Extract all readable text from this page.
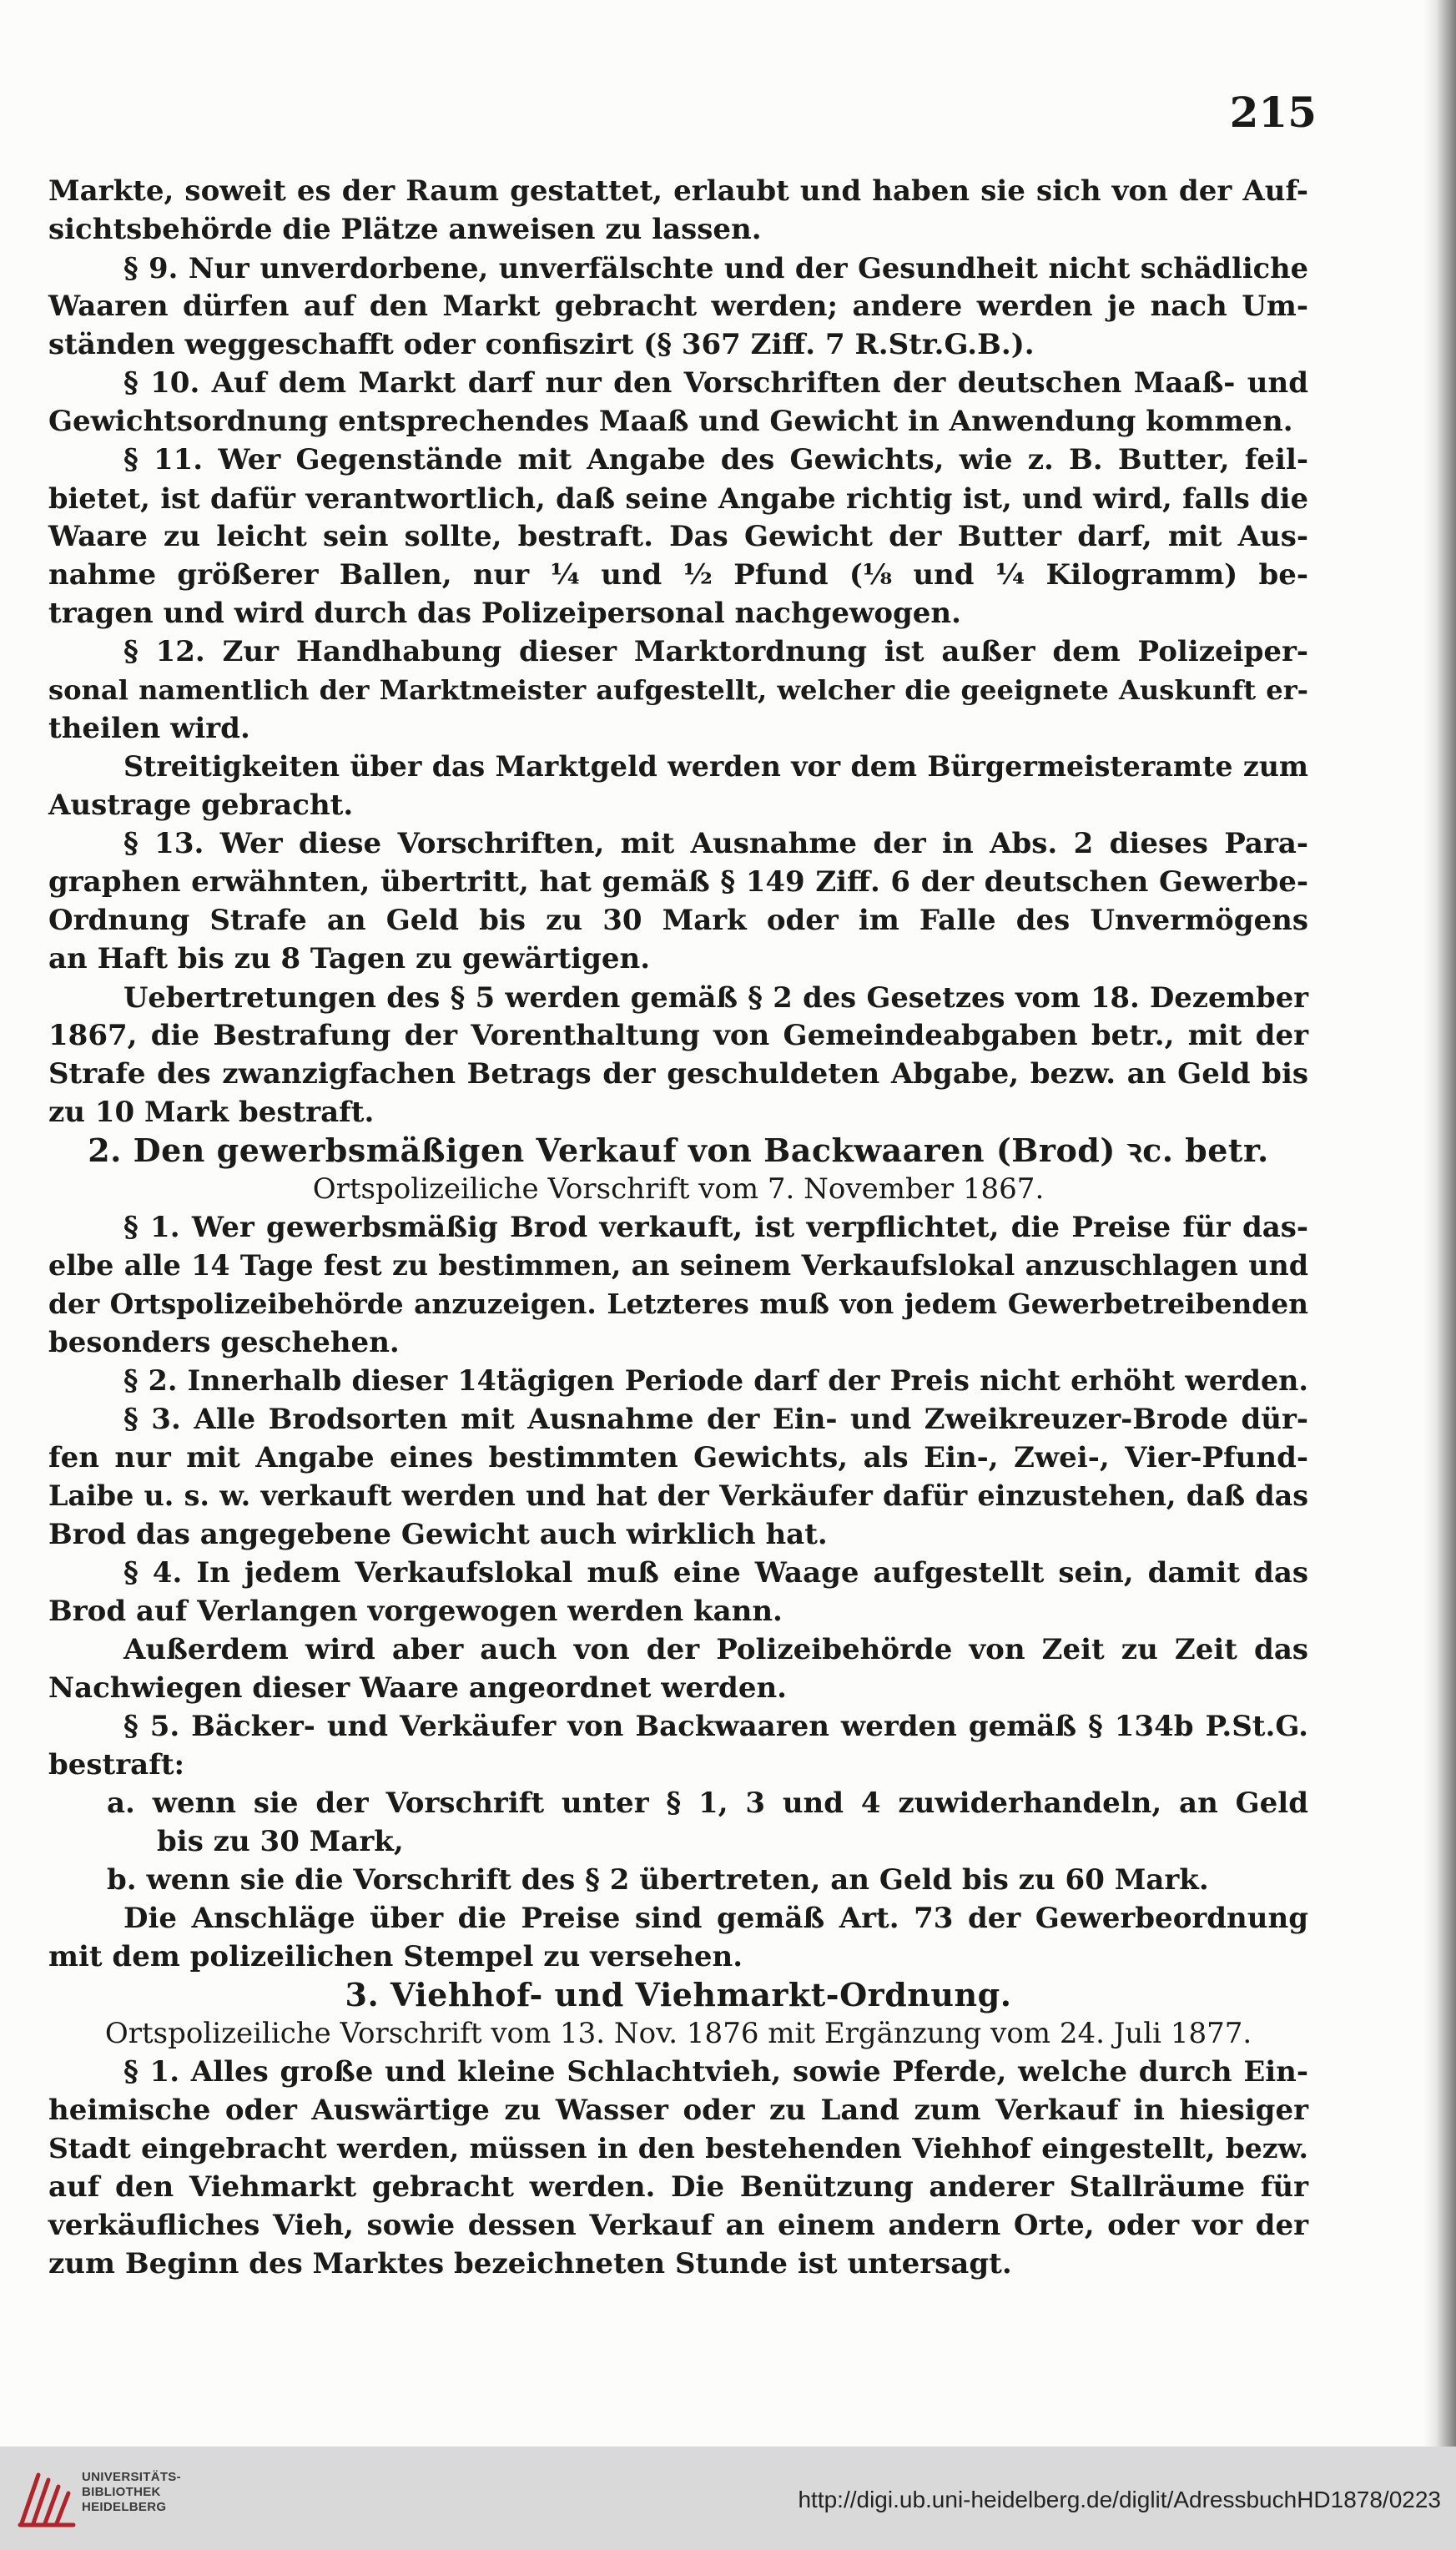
215
Markte, soweit es der Raum gestattet, erlaubt und haben sie sich von der Auf-
sichtsbehörde die Plätze anweisen zu lassen.
§ 9. Nur unverdorbene, unverfälschte und der Gesundheit nicht schädliche
Waaren dürfen auf den Markt gebracht werden; andere werden je nach Um-
ständen weggeschafft oder confiszirt (§ 367 Ziff. 7 R.Str.G.B.).
§ 10. Auf dem Markt darf nur den Vorschriften der deutschen Maaß- und
Gewichtsordnung entsprechendes Maaß und Gewicht in Anwendung kommen.
§ 11. Wer Gegenstände mit Angabe des Gewichts, wie z. B. Butter, feil-
bietet, ist dafür verantwortlich, daß seine Angabe richtig ist, und wird, falls die
Waare zu leicht sein sollte, bestraft. Das Gewicht der Butter darf, mit Aus-
nahme größerer Ballen, nur ¼ und ½ Pfund (⅛ und ¼ Kilogramm) be-
tragen und wird durch das Polizeipersonal nachgewogen.
§ 12. Zur Handhabung dieser Marktordnung ist außer dem Polizeiper-
sonal namentlich der Marktmeister aufgestellt, welcher die geeignete Auskunft er-
theilen wird.
Streitigkeiten über das Marktgeld werden vor dem Bürgermeisteramte zum
Austrage gebracht.
§ 13. Wer diese Vorschriften, mit Ausnahme der in Abs. 2 dieses Para-
graphen erwähnten, übertritt, hat gemäß § 149 Ziff. 6 der deutschen Gewerbe-
Ordnung Strafe an Geld bis zu 30 Mark oder im Falle des Unvermögens
an Haft bis zu 8 Tagen zu gewärtigen.
Uebertretungen des § 5 werden gemäß § 2 des Gesetzes vom 18. Dezember
1867, die Bestrafung der Vorenthaltung von Gemeindeabgaben betr., mit der
Strafe des zwanzigfachen Betrags der geschuldeten Abgabe, bezw. an Geld bis
zu 10 Mark bestraft.
2. Den gewerbsmäßigen Verkauf von Backwaaren (Brod) ꝛc. betr.
Ortspolizeiliche Vorschrift vom 7. November 1867.
§ 1. Wer gewerbsmäßig Brod verkauft, ist verpflichtet, die Preise für das-
elbe alle 14 Tage fest zu bestimmen, an seinem Verkaufslokal anzuschlagen und
der Ortspolizeibehörde anzuzeigen. Letzteres muß von jedem Gewerbetreibenden
besonders geschehen.
§ 2. Innerhalb dieser 14tägigen Periode darf der Preis nicht erhöht werden.
§ 3. Alle Brodsorten mit Ausnahme der Ein- und Zweikreuzer-Brode dür-
fen nur mit Angabe eines bestimmten Gewichts, als Ein-, Zwei-, Vier-Pfund-
Laibe u. s. w. verkauft werden und hat der Verkäufer dafür einzustehen, daß das
Brod das angegebene Gewicht auch wirklich hat.
§ 4. In jedem Verkaufslokal muß eine Waage aufgestellt sein, damit das
Brod auf Verlangen vorgewogen werden kann.
Außerdem wird aber auch von der Polizeibehörde von Zeit zu Zeit das
Nachwiegen dieser Waare angeordnet werden.
§ 5. Bäcker- und Verkäufer von Backwaaren werden gemäß § 134b P.St.G.
bestraft:
a. wenn sie der Vorschrift unter § 1, 3 und 4 zuwiderhandeln, an Geld
bis zu 30 Mark,
b. wenn sie die Vorschrift des § 2 übertreten, an Geld bis zu 60 Mark.
Die Anschläge über die Preise sind gemäß Art. 73 der Gewerbeordnung
mit dem polizeilichen Stempel zu versehen.
3. Viehhof- und Viehmarkt-Ordnung.
Ortspolizeiliche Vorschrift vom 13. Nov. 1876 mit Ergänzung vom 24. Juli 1877.
§ 1. Alles große und kleine Schlachtvieh, sowie Pferde, welche durch Ein-
heimische oder Auswärtige zu Wasser oder zu Land zum Verkauf in hiesiger
Stadt eingebracht werden, müssen in den bestehenden Viehhof eingestellt, bezw.
auf den Viehmarkt gebracht werden. Die Benützung anderer Stallräume für
verkäufliches Vieh, sowie dessen Verkauf an einem andern Orte, oder vor der
zum Beginn des Marktes bezeichneten Stunde ist untersagt.
UNIVERSITÄTS-
BIBLIOTHEK
HEIDELBERG	http://digi.ub.uni-heidelberg.de/diglit/AdressbuchHD1878/0223
